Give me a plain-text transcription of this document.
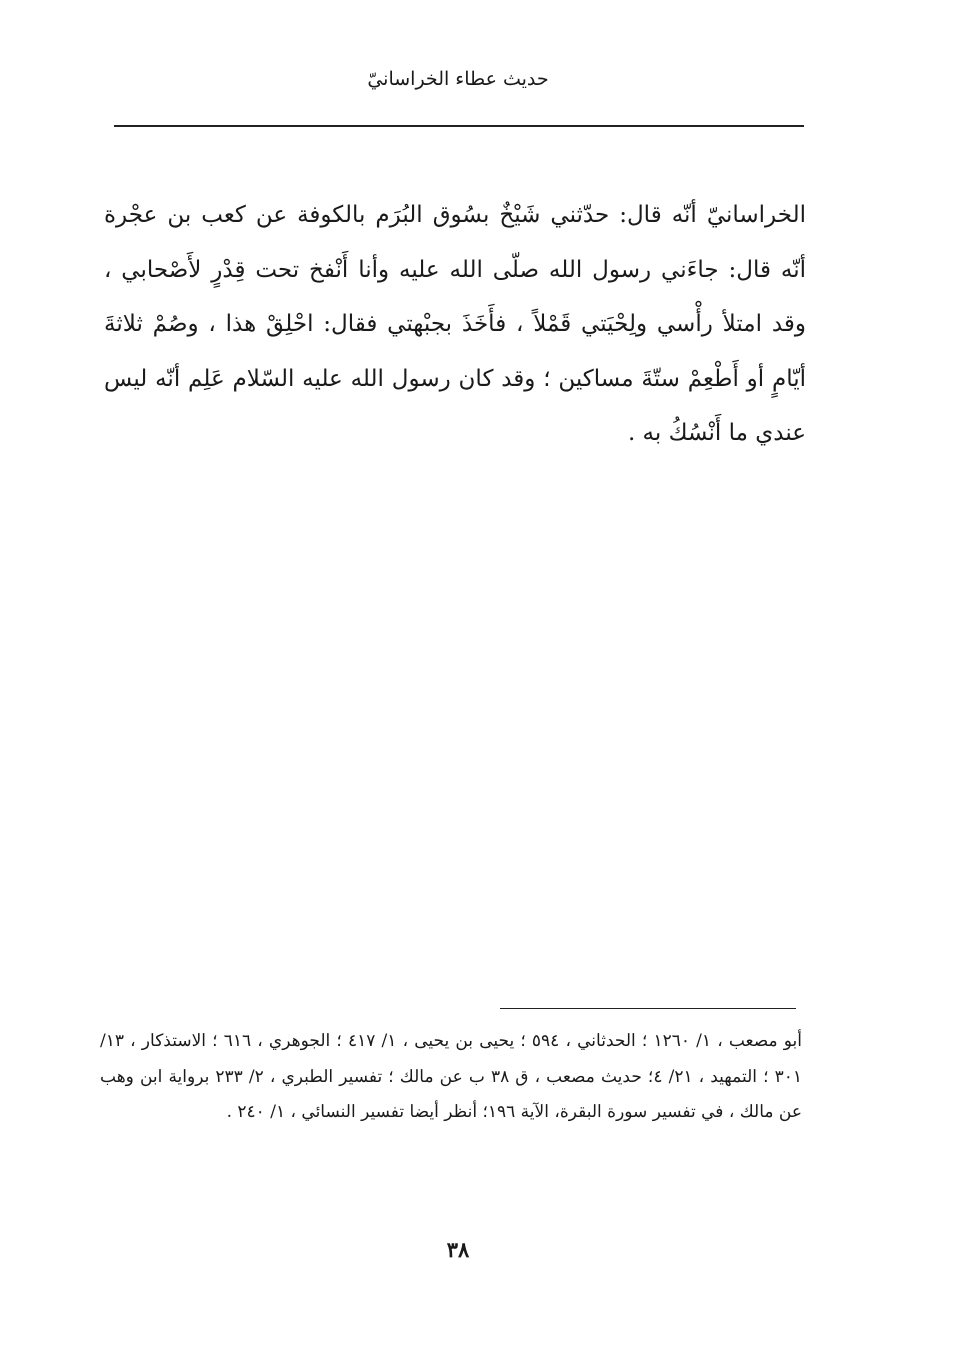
حديث عطاء الخراسانيّ

الخراسانيّ أنّه قال: حدّثني شَيْخٌ بسُوق البُرَم بالكوفة عن كعب بن عجْرة أنّه قال: جاءَني رسول الله صلّى الله عليه وأنا أَنْفخ تحت قِدْرٍ لأَصْحابي ، وقد امتلأ رأْسي ولِحْيَتي قَمْلاً ، فأَخَذَ بجبْهتي فقال: احْلِقْ هذا ، وصُمْ ثلاثةَ أيّامٍ أو أَطْعِمْ ستّةَ مساكين ؛ وقد كان رسول الله عليه السّلام عَلِم أنّه ليس عندي ما أَنْسُكُ به .

أبو مصعب ، ١/ ١٢٦٠ ؛ الحدثاني ، ٥٩٤ ؛ يحيى بن يحيى ، ١/ ٤١٧ ؛ الجوهري ، ٦١٦ ؛ الاستذكار ، ١٣/ ٣٠١ ؛ التمهيد ، ٢١/ ٤؛ حديث مصعب ، ق ٣٨ ب عن مالك ؛ تفسير الطبري ، ٢/ ٢٣٣ برواية ابن وهب عن مالك ، في تفسير سورة البقرة، الآية ١٩٦؛ أنظر أيضا تفسير النسائي ، ١/ ٢٤٠ .

٣٨
